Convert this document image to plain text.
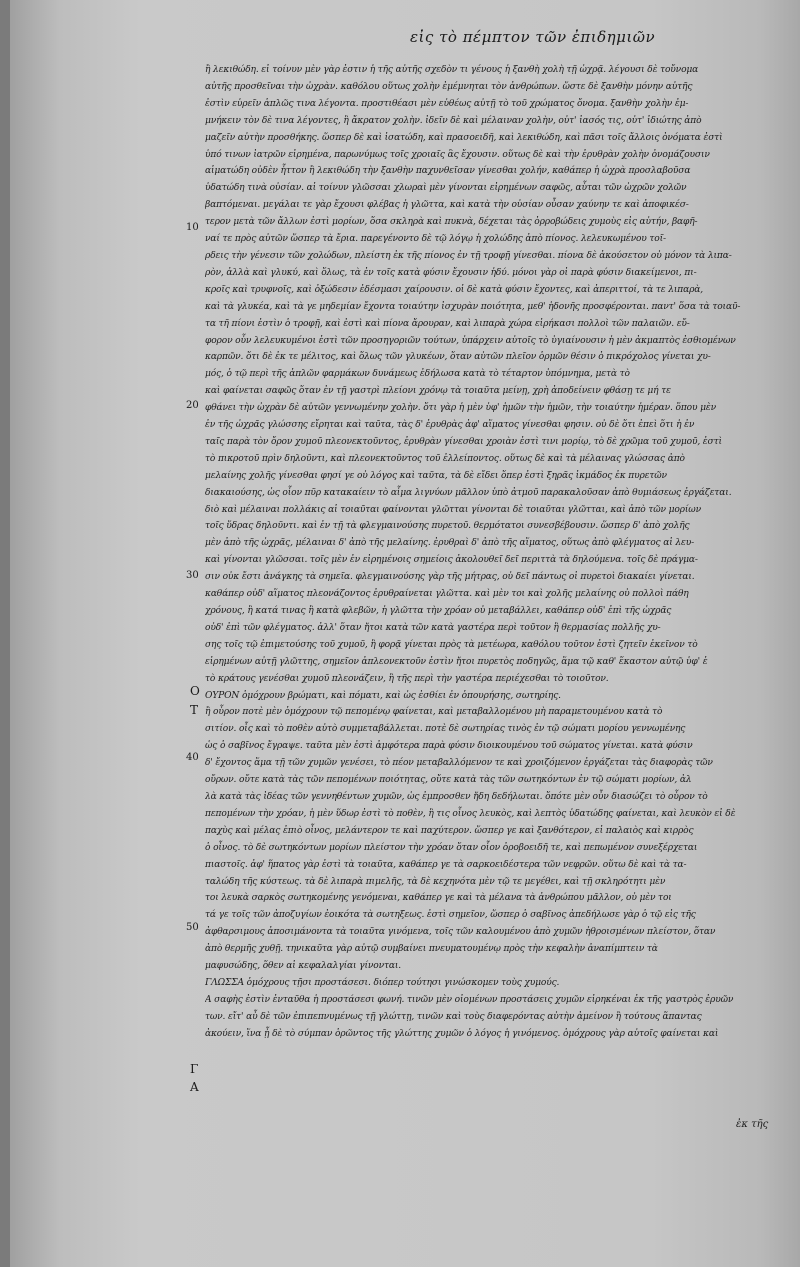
εἰς τὸ πέμπτον τῶν ἐπιδημιῶν
10
20
30
40
50
Ο
Τ
Γ
Α

ἢ λεκιθώδη. εἰ τοίνυν μὲν γὰρ ἐστιν ἡ τῆς αὐτῆς σχεδὸν τι γένους ἡ ξανθὴ χολὴ τῇ ὠχρᾷ. λέγουσι δὲ τοὔνομα

αὐτῆς προσθεῖναι τὴν ὠχρὰν. καθόλου οὕτως χολὴν ἐμέμνηται τὸν ἀνθρώπων. ὥστε δὲ ξανθὴν μόνην αὐτῆς

ἐστὶν εὑρεῖν ἁπλῶς τινα λέγοντα. προστιθέασι μὲν εὐθέως αὐτῇ τὸ τοῦ χρώματος ὄνομα. ξανθὴν χολὴν ἐμ-

μνήκειν τὸν δὲ τινα λέγοντες, ἢ ἄκρατον χολὴν. ἰδεῖν δὲ καὶ μέλαιναν χολὴν, οὐτ' ἰασός τις, οὐτ' ἰδιώτης ἀπὸ

μαζεῖν αὐτὴν προσθήκης. ὥσπερ δὲ καὶ ἰσατώδη, καὶ πρασοειδῆ, καὶ λεκιθώδη, καὶ πᾶσι τοῖς ἄλλοις ὀνόματα ἐστὶ

ὑπό τινων ἰατρῶν εἰρημένα, παρωνύμως τοῖς χροιαῖς ἃς ἔχουσιν. οὕτως δὲ καὶ τὴν ἐρυθρὰν χολὴν ὀνομάζουσιν

αἱματώδη οὐδὲν ἧττον ἢ λεκιθώδη τὴν ξανθὴν παχυνθεῖσαν γίνεσθαι χολήν, καθάπερ ἡ ὠχρὰ προσλαβοῦσα

ὑδατώδη τινὰ οὐσίαν. αἱ τοίνυν γλῶσσαι χλωραὶ μὲν γίνονται εἰρημένων σαφῶς, αὗται τῶν ὠχρῶν χολῶν

βαπτόμεναι. μεγάλαι τε γὰρ ἔχουσι φλέβας ἡ γλῶττα, καὶ κατὰ τὴν οὐσίαν οὖσαν χαύνην τε καὶ ἀποφικέσ-

τερον μετὰ τῶν ἄλλων ἐστὶ μορίων, ὅσα σκληρὰ καὶ πυκνὰ, δέχεται τὰς ὀρροβώδεις χυμοὺς εἰς αὐτήν, βαφῆ-

ναί τε πρὸς αὐτῶν ὥσπερ τὰ ἔρια. παρεγένοντο δὲ τῷ λόγῳ ἡ χολώδης ἀπὸ πίονος. λελευκωμένου τοῖ-

ρδεις τὴν γένεσιν τῶν χολώδων, πλείστη ἐκ τῆς πίονος ἐν τῇ τροφῇ γίνεσθαι. πίονα δὲ ἀκούσετον οὐ μόνον τὰ λιπα-

ρὸν, ἀλλὰ καὶ γλυκύ, καὶ ὅλως, τὰ ἐν τοῖς κατὰ φύσιν ἔχουσιν ἡδύ. μόνοι γὰρ οἱ παρὰ φύσιν διακείμενοι, πι-

κροῖς καὶ τρυφνοῖς, καὶ ὀξώδεσιν ἐδέσμασι χαίρουσιν. οἱ δὲ κατὰ φύσιν ἔχοντες, καὶ ἀπεριττοί, τὰ τε λιπαρὰ,

καὶ τὰ γλυκέα, καὶ τὰ γε μηδεμίαν ἔχοντα τοιαύτην ἰσχυρὰν ποιότητα, μεθ' ἡδονῆς προσφέρονται. παντ' ὅσα τὰ τοιαῦ-

τα τῆ πίονι ἐστὶν ὁ τροφῇ, καὶ ἐστὶ καὶ πίονα ἄρουραν, καὶ λιπαρὰ χώρα εἰρήκασι πολλοὶ τῶν παλαιῶν. εὔ-

φορον οὖν λελευκυμένοι ἐστὶ τῶν προσηγοριῶν τούτων, ὑπάρχειν αὐτοῖς τὸ ὑγιαίνουσιν ἡ μὲν ἀκμαπτὸς ἐσθιομένων

καρπῶν. ὅτι δὲ ἐκ τε μέλιτος, καὶ ὅλως τῶν γλυκέων, ὅταν αὐτῶν πλεῖον ὁρμῶν θέσιν ὁ πικρόχολος γίνεται χυ-

μός, ὁ τῷ περὶ τῆς ἁπλῶν φαρμάκων δυνάμεως ἐδήλωσα κατὰ τὸ τέταρτον ὑπόμνημα, μετὰ τὸ

καὶ φαίνεται σαφῶς ὅταν ἐν τῇ γαστρὶ πλείονι χρόνῳ τὰ τοιαῦτα μείνῃ, χρὴ ἀποδείνειν φθάσῃ τε μή τε

φθάνει τὴν ὠχρὰν δὲ αὐτῶν γεννωμένην χολὴν. ὅτι γὰρ ἡ μὲν ὑφ' ἡμῶν τὴν ἡμῶν, τὴν τοιαύτην ἡμέραν. ὅπου μὲν

ἐν τῆς ὠχρᾶς γλώσσης εἴρηται καὶ ταῦτα, τὰς δ' ἐρυθρὰς ἀφ' αἵματος γίνεσθαι φησιν. οὐ δὲ ὅτι ἐπεὶ ὅτι ἡ ἐν

ταῖς παρὰ τὸν ὄρον χυμοῦ πλεονεκτοῦντος, ἐρυθρὰν γίνεσθαι χροιὰν ἐστὶ τινι μορίῳ, τὸ δὲ χρῶμα τοῦ χυμοῦ, ἐστὶ

τὸ πικροτοῦ πρὶν δηλοῦντι, καὶ πλεονεκτοῦντος τοῦ ἐλλείποντος. οὕτως δὲ καὶ τὰ μέλαινας γλώσσας ἀπὸ

μελαίνης χολῆς γίνεσθαι φησί γε οὐ λόγος καὶ ταῦτα, τὰ δὲ εἴδει ὅπερ ἐστὶ ξηρᾶς ἰκμάδος ἐκ πυρετῶν

διακαιούσης, ὡς οἷον πῦρ κατακαίειν τὸ αἷμα λιγνύων μᾶλλον ὑπὸ ἀτμοῦ παρακαλοῦσαν ἀπὸ θυμιάσεως ἐργάζεται.

διὸ καὶ μέλαιναι πολλάκις αἱ τοιαῦται φαίνονται γλῶτται γίνονται δὲ τοιαῦται γλῶτται, καὶ ἀπὸ τῶν μορίων

τοῖς ὕδρας δηλοῦντι. καὶ ἐν τῇ τὰ φλεγμαινούσης πυρετοῦ. θερμότατοι συνεσβέβουσιν. ὥσπερ δ' ἀπὸ χολῆς

μὲν ἀπὸ τῆς ὠχρᾶς, μέλαιναι δ' ἀπὸ τῆς μελαίνης. ἐρυθραὶ δ' ἀπὸ τῆς αἵματος, οὕτως ἀπὸ φλέγματος αἱ λευ-

καὶ γίνονται γλῶσσαι. τοῖς μὲν ἐν εἰρημένοις σημείοις ἀκολουθεῖ δεῖ περιττὰ τὰ δηλούμενα. τοῖς δὲ πράγμα-

σιν οὐκ ἔστι ἀνάγκης τὰ σημεῖα. φλεγμαινούσης γὰρ τῆς μήτρας, οὐ δεῖ πάντως οἱ πυρετοὶ διακαίει γίνεται.

καθάπερ οὐδ' αἵματος πλεονάζοντος ἐρυθραίνεται γλῶττα. καὶ μὲν τοι καὶ χολῆς μελαίνης οὐ πολλοὶ πάθη

χρόνους, ἢ κατά τινας ἢ κατὰ φλεβῶν, ἡ γλῶττα τὴν χρόαν οὐ μεταβάλλει, καθάπερ οὐδ' ἐπὶ τῆς ὠχρᾶς

οὐδ' ἐπὶ τῶν φλέγματος. ἀλλ' ὅταν ἤτοι κατὰ τῶν κατὰ γαστέρα περὶ τοῦτον ἢ θερμασίας πολλῆς χυ-

σης τοῖς τῷ ἐπιμετούσης τοῦ χυμοῦ, ἢ φορᾷ γίνεται πρὸς τὰ μετέωρα, καθόλου τοῦτον ἐστὶ ζητεῖν ἐκεῖνον τὸ

εἰρημένων αὐτῇ γλῶττης, σημεῖον ἀπλεονεκτοῦν ἐστὶν ἤτοι πυρετὸς ποδηγῶς, ἅμα τῷ καθ' ἕκαστον αὐτῷ ὑφ' ἑ

τὸ κράτους γενέσθαι χυμοῦ πλεονάζειν, ἢ τῆς περὶ τὴν γαστέρα περιέχεσθαι τὸ τοιοῦτον.

ΟΥΡΟΝ ὁμόχρουν βρώματι, καὶ πόματι, καὶ ὡς ἐσθίει ἐν ὁπουρήσης, σωτηρίης.

ἢ οὖρον ποτὲ μὲν ὁμόχρουν τῷ πεπομένῳ φαίνεται, καὶ μεταβαλλομένου μὴ παραμετουμένου κατὰ τὸ

σιτίον. οἷς καὶ τὸ ποθὲν αὐτὸ συμμεταβάλλεται. ποτὲ δὲ σωτηρίας τινὸς ἐν τῷ σώματι μορίου γεννωμένης

ὡς ὁ σαβῖνος ἔγραψε. ταῦτα μὲν ἐστὶ ἀμφότερα παρὰ φύσιν διοικουμένου τοῦ σώματος γίνεται. κατὰ φύσιν

δ' ἔχοντος ἅμα τῇ τῶν χυμῶν γενέσει, τὸ πέον μεταβαλλόμενον τε καὶ χροιζόμενον ἐργάζεται τὰς διαφορὰς τῶν

οὔρων. οὔτε κατὰ τὰς τῶν πεπομένων ποιότητας, οὔτε κατὰ τὰς τῶν σωτηκόντων ἐν τῷ σώματι μορίων, ἀλ

λὰ κατὰ τὰς ἰδέας τῶν γεννηθέντων χυμῶν, ὡς ἐμπροσθεν ἤδη δεδήλωται. ὅπότε μὲν οὖν διασώζει τὸ οὖρον τὸ

πεπομένων τὴν χρόαν, ἡ μὲν ὕδωρ ἐστὶ τὸ ποθὲν, ἢ τις οἶνος λευκὸς, καὶ λεπτὸς ὑδατώδης φαίνεται, καὶ λευκὸν εἰ δὲ

παχὺς καὶ μέλας ἐπιὸ οἶνος, μελάντερον τε καὶ παχύτερον. ὥσπερ γε καὶ ξανθότερον, εἰ παλαιὸς καὶ κιρρὸς

ὁ οἶνος. τὸ δὲ σωτηκόντων μορίων πλείστον τὴν χρόαν ὅταν οἷον ὀροβοειδῆ τε, καὶ πεπωμένον συνεξέρχεται

πιαστοῖς. ἀφ' ἥπατος γὰρ ἐστὶ τὰ τοιαῦτα, καθάπερ γε τὰ σαρκοειδέστερα τῶν νεφρῶν. οὕτω δὲ καὶ τὰ τα-

ταλώδη τῆς κύστεως. τὰ δὲ λιπαρὰ πιμελῆς, τὰ δὲ κεχηνότα μὲν τῷ τε μεγέθει, καὶ τῇ σκληρότητι μὲν

τοι λευκὰ σαρκὸς σωτηκομένης γενόμεναι, καθάπερ γε καὶ τὰ μέλανα τὰ ἀνθρώπου μᾶλλον, οὐ μὲν τοι

τά γε τοῖς τῶν ἀποζυγίων ἐοικότα τὰ σωτηξεως. ἐστὶ σημεῖον, ὥσπερ ὁ σαβῖνος ἀπεδήλωσε γὰρ ὁ τῷ εἰς τῆς

ἀφθαρσιμους ἀποσιμάνοντα τὰ τοιαῦτα γινόμενα, τοῖς τῶν καλουμένου ἀπὸ χυμῶν ἠθροισμένων πλείστον, ὅταν

ἀπὸ θερμῆς χυθῇ. τηνικαῦτα γὰρ αὐτῷ συμβαίνει πνευματουμένῳ πρὸς τὴν κεφαλὴν ἀναπίμπτειν τὰ

μαφυσώδης, ὅθεν αἱ κεφαλαλγίαι γίνονται.

ΓΛΩΣΣΑ ὁμόχρους τῇσι προστάσεσι. διόπερ τούτησι γινώσκομεν τοὺς χυμούς.

Α σαφὴς ἐστὶν ἐνταῦθα ἡ προστάσεσι φωνή. τινῶν μὲν οἰομένων προστάσεις χυμῶν εἰρηκέναι ἐκ τῆς γαστρὸς ἐρυῶν

των. εἴτ' αὖ δὲ τῶν ἐπιπεπνυμένως τῇ γλώττῃ, τινῶν καὶ τοὺς διαφερόντας αὐτὴν ἀμείνον ἢ τούτους ἅπαντας

ἀκούειν, ἵνα ᾖ δὲ τὸ σύμπαν ὁρῶντος τῆς γλώττης χυμῶν ὁ λόγος ἡ γινόμενος. ὁμόχρους γὰρ αὐτοῖς φαίνεται καὶ

ἐκ τῆς
